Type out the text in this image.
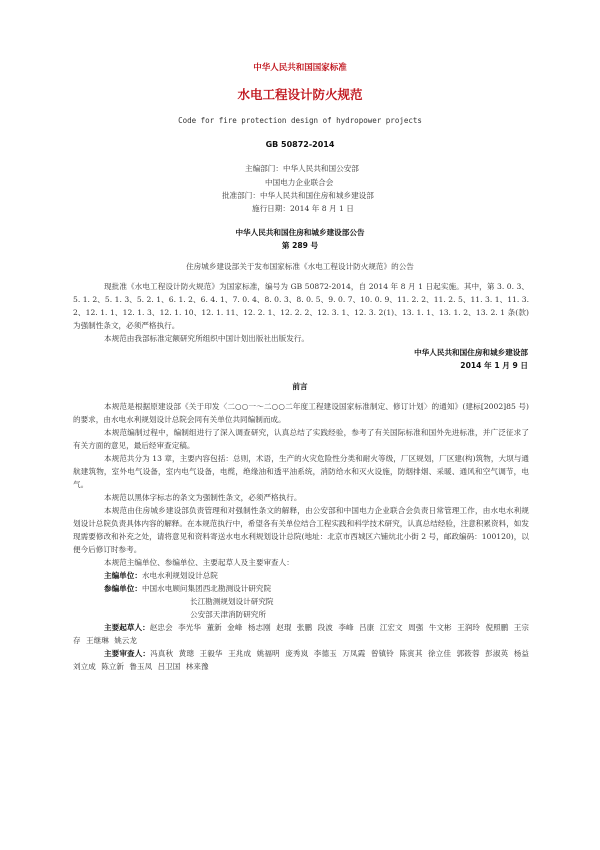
中华人民共和国国家标准
水电工程设计防火规范
Code for fire protection design of hydropower projects
GB 50872-2014
主编部门：中华人民共和国公安部
中国电力企业联合会
批准部门：中华人民共和国住房和城乡建设部
施行日期：2014 年 8 月 1 日
中华人民共和国住房和城乡建设部公告
第 289 号
住房城乡建设部关于发布国家标准《水电工程设计防火规范》的公告

现批准《水电工程设计防火规范》为国家标准，编号为 GB 50872-2014，自 2014 年 8 月 1 日起实施。其中，第 3. 0. 3、5. 1. 2、5. 1. 3、5. 2. 1、6. 1. 2、6. 4. 1、7. 0. 4、8. 0. 3、8. 0. 5、9. 0. 7、10. 0. 9、11. 2. 2、11. 2. 5、11. 3. 1、11. 3. 2、12. 1. 1、12. 1. 3、12. 1. 10、12. 1. 11、12. 2. 1、12. 2. 2、12. 3. 1、12. 3. 2(1)、13. 1. 1、13. 1. 2、13. 2. 1 条(款)为强制性条文，必须严格执行。

本规范由我部标准定额研究所组织中国计划出版社出版发行。

中华人民共和国住房和城乡建设部
2014 年 1 月 9 日
前言

本规范是根据原建设部《关于印发〈二○○一～二○○二年度工程建设国家标准制定、修订计划〉的通知》(建标[2002]85 号)的要求，由水电水利规划设计总院会同有关单位共同编制而成。

本规范编制过程中，编制组进行了深入调查研究，认真总结了实践经验，参考了有关国际标准和国外先进标准，并广泛征求了有关方面的意见，最后经审查定稿。

本规范共分为 13 章，主要内容包括：总则，术语，生产的火灾危险性分类和耐火等级，厂区规划，厂区建(构)筑物，大坝与通航建筑物，室外电气设备，室内电气设备，电缆，绝缘油和透平油系统，消防给水和灭火设施，防烟排烟、采暖、通风和空气调节，电气。

本规范以黑体字标志的条文为强制性条文，必须严格执行。

本规范由住房城乡建设部负责管理和对强制性条文的解释，由公安部和中国电力企业联合会负责日常管理工作，由水电水利规划设计总院负责具体内容的解释。在本规范执行中，希望各有关单位结合工程实践和科学技术研究，认真总结经验，注意积累资料，如发现需要修改和补充之处，请将意见和资料寄送水电水利规划设计总院(地址：北京市西城区六铺炕北小街 2 号，邮政编码：100120)，以便今后修订时参考。

本规范主编单位、参编单位、主要起草人及主要审查人：

主编单位：水电水利规划设计总院

参编单位：中国水电顾问集团西北勘测设计研究院

长江勘测规划设计研究院

公安部天津消防研究所

主要起草人：赵忠会 李光华 董新 金峰 杨志刚 赵琨 张鹏 段波 李峰 吕康 江宏文 周强 牛文彬 王润玲 倪照鹏 王宗存 王继琳 姚云龙

主要审查人：冯真秋 黄璁 王毅华 王兆成 姚福明 庞秀岚 李德玉 万凤霞 曾镇铃 陈寅其 徐立佳 郭筱蓉 彭淑英 杨益 刘立成 陈立新 鲁玉凤 吕卫国 林来豫
